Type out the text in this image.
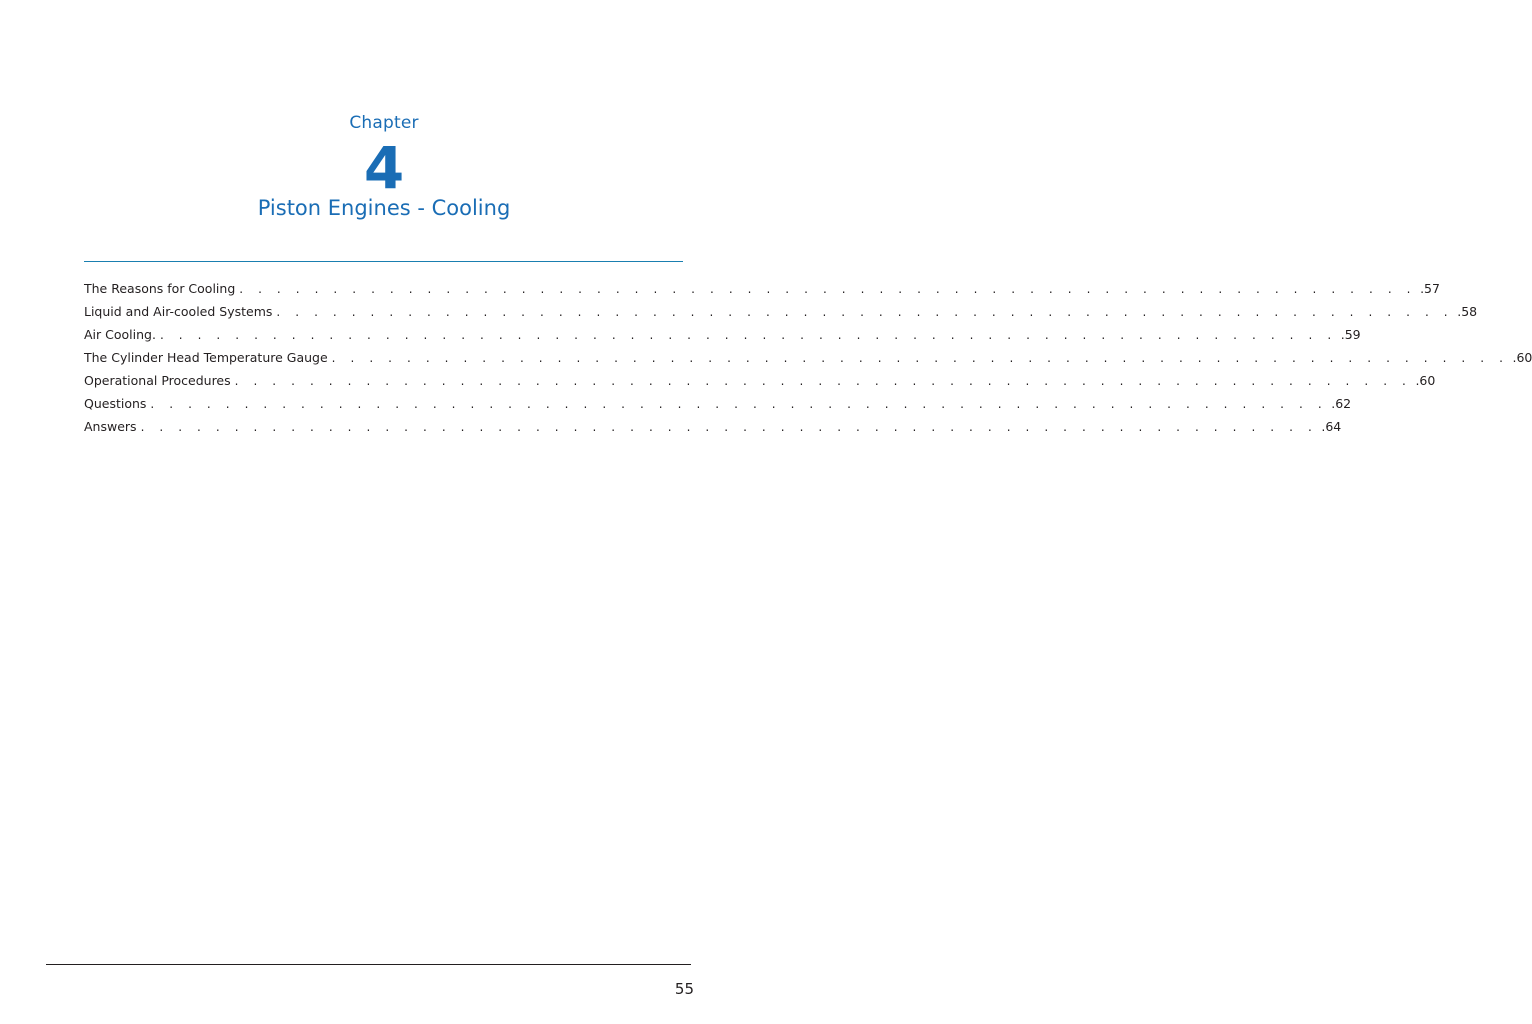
Chapter
4
Piston Engines - Cooling
The Reasons for Cooling . . . . . . . . . . . . . . . . . . . . . . . . . . . . . . . . . . . . . . . . . . . . . . . . . . . . . . . . . . . . . . . .57
Liquid and Air-cooled Systems . . . . . . . . . . . . . . . . . . . . . . . . . . . . . . . . . . . . . . . . . . . . . . . . . . . . . . . . . . . . . . . .58
Air Cooling. . . . . . . . . . . . . . . . . . . . . . . . . . . . . . . . . . . . . . . . . . . . . . . . . . . . . . . . . . . . . . . . .59
The Cylinder Head Temperature Gauge . . . . . . . . . . . . . . . . . . . . . . . . . . . . . . . . . . . . . . . . . . . . . . . . . . . . . . . . . . . . . . . .60
Operational Procedures . . . . . . . . . . . . . . . . . . . . . . . . . . . . . . . . . . . . . . . . . . . . . . . . . . . . . . . . . . . . . . . .60
Questions . . . . . . . . . . . . . . . . . . . . . . . . . . . . . . . . . . . . . . . . . . . . . . . . . . . . . . . . . . . . . . . .62
Answers . . . . . . . . . . . . . . . . . . . . . . . . . . . . . . . . . . . . . . . . . . . . . . . . . . . . . . . . . . . . . . . .64
55
